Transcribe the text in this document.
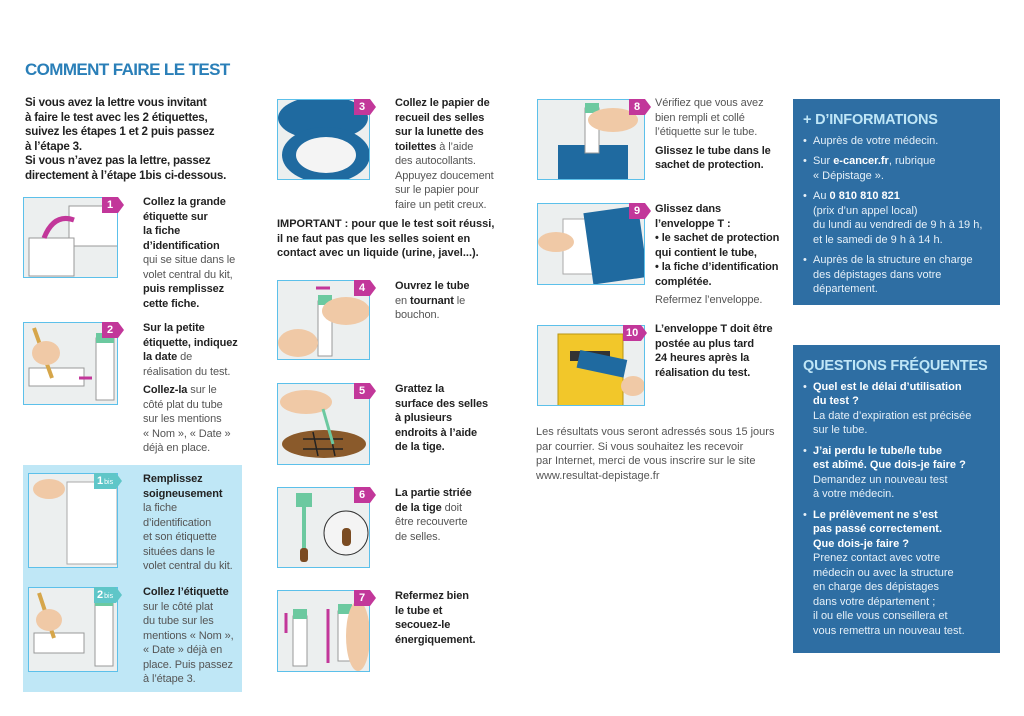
COMMENT FAIRE LE TEST
Si vous avez la lettre vous invitant
à faire le test avec les 2 étiquettes,
suivez les étapes 1 et 2 puis passez
à l’étape 3.
Si vous n’avez pas la lettre, passez
directement à l’étape 1bis ci-dessous.
1	Collez la grande
étiquette sur
la fiche
d’identification
qui se situe dans le
volet central du kit,
puis remplissez
cette fiche.

2	Sur la petite
étiquette, indiquez
la date de
réalisation du test.

Collez-la sur le
côté plat du tube
sur les mentions
« Nom », « Date »
déjà en place.

1bis	Remplissez
soigneusement
la fiche
d’identification
et son étiquette
situées dans le
volet central du kit.

2bis	Collez l’étiquette
sur le côté plat
du tube sur les
mentions « Nom »,
« Date » déjà en
place. Puis passez
à l’étape 3.

3	Collez le papier de
recueil des selles
sur la lunette des
toilettes à l’aide
des autocollants.
Appuyez doucement
sur le papier pour
faire un petit creux.

4	Ouvrez le tube
en tournant le
bouchon.

5	Grattez la
surface des selles
à plusieurs
endroits à l’aide
de la tige.

6	La partie striée
de la tige doit
être recouverte
de selles.

7	Refermez bien
le tube et
secouez-le
énergiquement.

8	Vérifiez que vous avez
bien rempli et collé
l’étiquette sur le tube.

Glissez le tube dans le
sachet de protection.

9	Glissez dans
l’enveloppe T :
• le sachet de protection
qui contient le tube,
• la fiche d’identification
complétée.

Refermez l’enveloppe.

10 L’enveloppe T doit être
postée au plus tard
24 heures après la
réalisation du test.

IMPORTANT : pour que le test soit réussi,
il ne faut pas que les selles soient en
contact avec un liquide (urine, javel...).
Les résultats vous seront adressés sous 15 jours
par courrier. Si vous souhaitez les recevoir
par Internet, merci de vous inscrire sur le site
www.resultat-depistage.fr
+ D’INFORMATIONS
• Auprès de votre médecin.
• Sur e-cancer.fr, rubrique
« Dépistage ».
• Au 0 810 810 821
(prix d’un appel local)
du lundi au vendredi de 9 h à 19 h,
et le samedi de 9 h à 14 h.
• Auprès de la structure en charge
des dépistages dans votre
département.
QUESTIONS FRÉQUENTES
• Quel est le délai d’utilisation
du test ?
La date d’expiration est précisée
sur le tube.
• J’ai perdu le tube/le tube
est abîmé. Que dois-je faire ?
Demandez un nouveau test
à votre médecin.
• Le prélèvement ne s’est
pas passé correctement.
Que dois-je faire ?
Prenez contact avec votre
médecin ou avec la structure
en charge des dépistages
dans votre département ;
il ou elle vous conseillera et
vous remettra un nouveau test.
